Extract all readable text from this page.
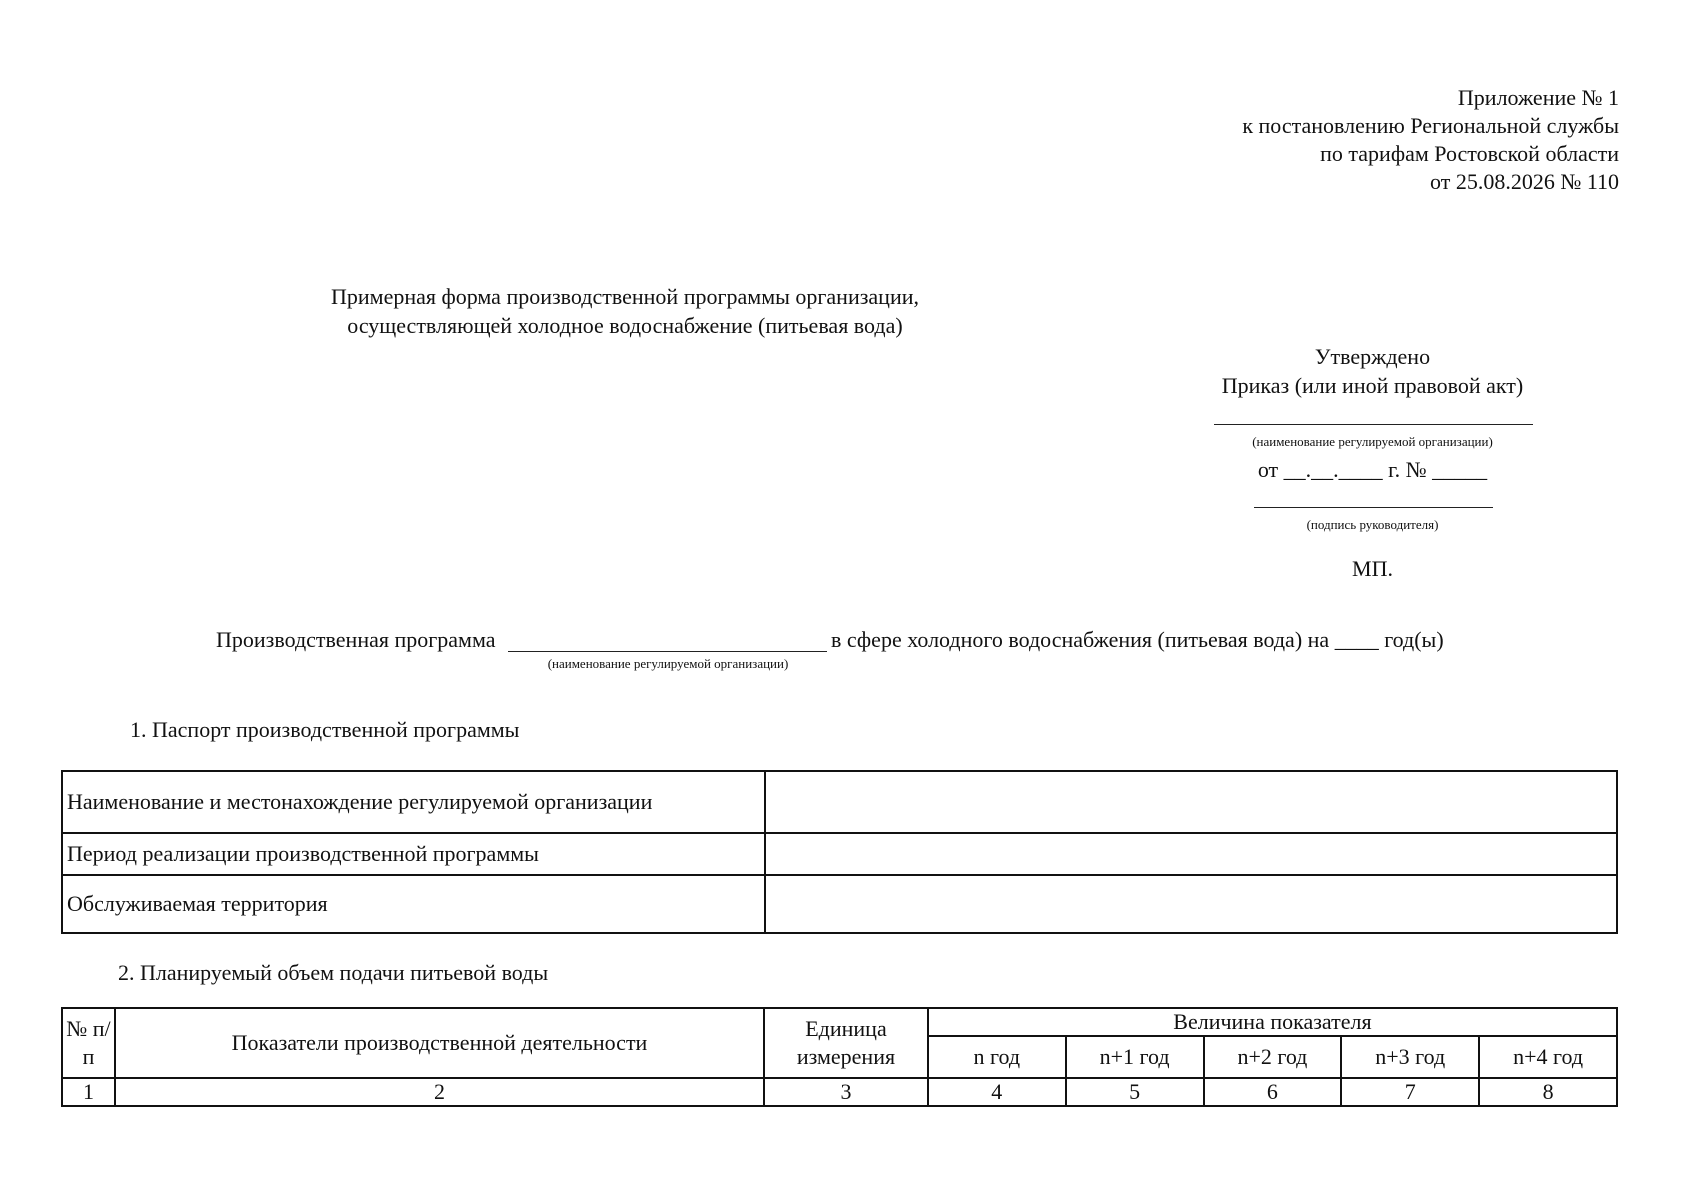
Приложение № 1
к постановлению Региональной службы
по тарифам Ростовской области
от 25.08.2026 № 110
Примерная форма производственной программы организации,
осуществляющей холодное водоснабжение (питьевая вода)
Утверждено
Приказ (или иной правовой акт)
(наименование регулируемой организации)
от __.__.____ г. № _____
(подпись руководителя)
МП.
Производственная программа	в сфере холодного водоснабжения (питьевая вода) на ____ год(ы)
(наименование регулируемой организации)
1. Паспорт производственной программы
Наименование и местонахождение регулируемой организации	
Период реализации производственной программы	
Обслуживаемая территория	
2. Планируемый объем подачи питьевой воды
№ п/п	Показатели производственной деятельности	Единица измерения	Величина показателя				
			n год	n+1 год	n+2 год	n+3 год	n+4 год
1	2	3	4	5	6	7	8
